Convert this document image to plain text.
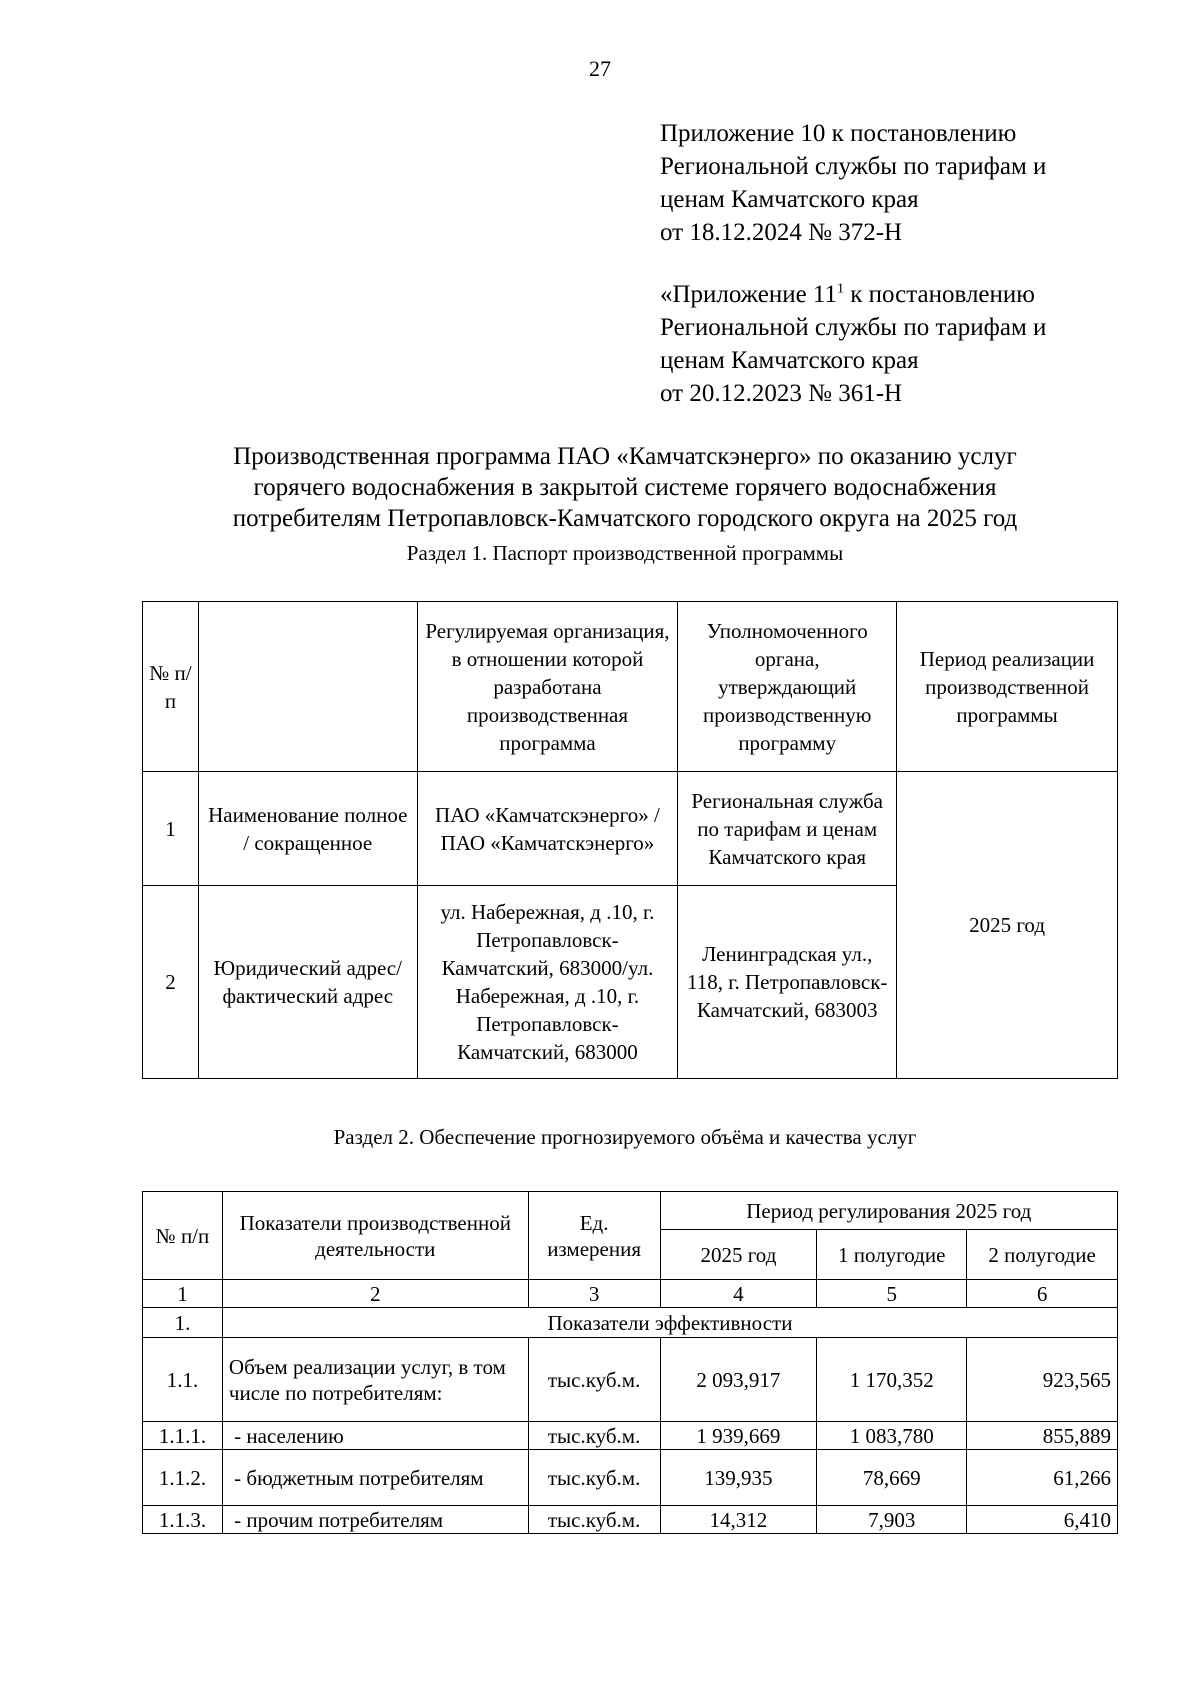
27
Приложение 10 к постановлению
Региональной службы по тарифам и
ценам Камчатского края
от 18.12.2024 № 372-Н
«Приложение $11^1$ к постановлению
Региональной службы по тарифам и
ценам Камчатского края
от 20.12.2023 № 361-Н
Производственная программа ПАО «Камчатскэнерго» по оказанию услуг
горячего водоснабжения в закрытой системе горячего водоснабжения
потребителям Петропавловск-Камчатского городского округа на 2025 год
Раздел 1. Паспорт производственной программы
№ п/п		Регулируемая организация, в отношении которой разработана производственная программа	Уполномоченного органа, утверждающий производственную программу	Период реализации производственной программы
1	Наименование полное / сокращенное	ПАО «Камчатскэнерго» / ПАО «Камчатскэнерго»	Региональная служба по тарифам и ценам Камчатского края	2025 год
2	Юридический адрес/фактический адрес	ул. Набережная, д .10, г. Петропавловск-Камчатский, 683000/ул. Набережная, д .10, г. Петропавловск-Камчатский, 683000	Ленинградская ул., 118, г. Петропавловск-Камчатский, 683003	
Раздел 2. Обеспечение прогнозируемого объёма и качества услуг
№ п/п	Показатели производственной деятельности	Ед. измерения	Период регулирования 2025 год		
			2025 год	1 полугодие	2 полугодие
1	2	3	4	5	6
1.	Показатели эффективности				
1.1.	Объем реализации услуг, в том числе по потребителям:	тыс.куб.м.	2 093,917	1 170,352	923,565
1.1.1.	- населению	тыс.куб.м.	1 939,669	1 083,780	855,889
1.1.2.	- бюджетным потребителям	тыс.куб.м.	139,935	78,669	61,266
1.1.3.	- прочим потребителям	тыс.куб.м.	14,312	7,903	6,410
